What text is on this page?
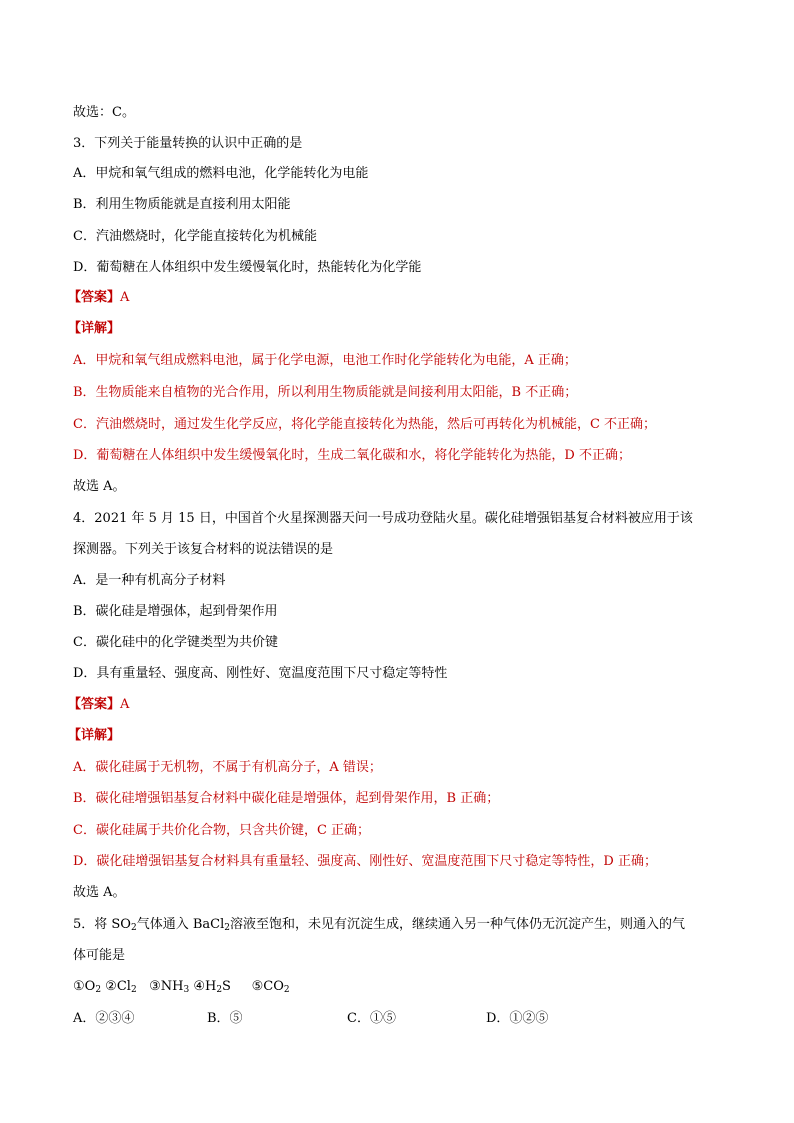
故选：C。
3．下列关于能量转换的认识中正确的是
A．甲烷和氧气组成的燃料电池，化学能转化为电能
B．利用生物质能就是直接利用太阳能
C．汽油燃烧时，化学能直接转化为机械能
D．葡萄糖在人体组织中发生缓慢氧化时，热能转化为化学能
【答案】A
【详解】
A．甲烷和氧气组成燃料电池，属于化学电源，电池工作时化学能转化为电能，A 正确；
B．生物质能来自植物的光合作用，所以利用生物质能就是间接利用太阳能，B 不正确；
C．汽油燃烧时，通过发生化学反应，将化学能直接转化为热能，然后可再转化为机械能，C 不正确；
D．葡萄糖在人体组织中发生缓慢氧化时，生成二氧化碳和水，将化学能转化为热能，D 不正确；
故选 A。
4．2021 年 5 月 15 日，中国首个火星探测器天问一号成功登陆火星。碳化硅增强铝基复合材料被应用于该
探测器。下列关于该复合材料的说法错误的是
A．是一种有机高分子材料
B．碳化硅是增强体，起到骨架作用
C．碳化硅中的化学键类型为共价键
D．具有重量轻、强度高、刚性好、宽温度范围下尺寸稳定等特性
【答案】A
【详解】
A．碳化硅属于无机物，不属于有机高分子，A 错误；
B．碳化硅增强铝基复合材料中碳化硅是增强体，起到骨架作用，B 正确；
C．碳化硅属于共价化合物，只含共价键，C 正确；
D．碳化硅增强铝基复合材料具有重量轻、强度高、刚性好、宽温度范围下尺寸稳定等特性，D 正确；
故选 A。
5．将 $SO_2$气体通入 BaCl$_2$溶液至饱和，未见有沉淀生成，继续通入另一种气体仍无沉淀产生，则通入的气
体可能是
$①O_2$ $②Cl_2$   $③NH_3$ $④H_2S$     $⑤CO_2$
A．②③④	B．⑤	C．①⑤	D．①②⑤
